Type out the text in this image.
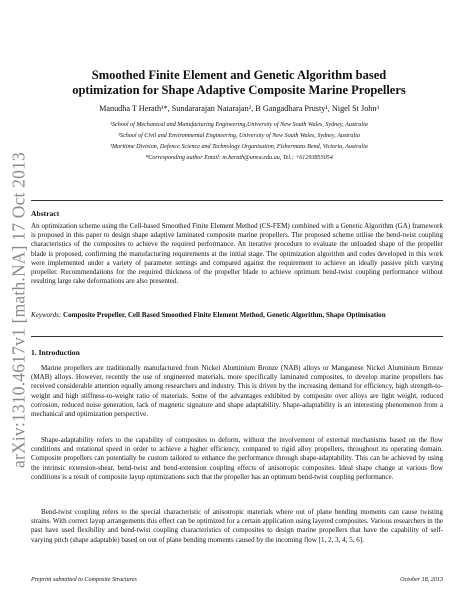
arXiv:1310.4617v1 [math.NA] 17 Oct 2013
Smoothed Finite Element and Genetic Algorithm based
optimization for Shape Adaptive Composite Marine Propellers
Manudha T Herath¹*, Sundararajan Natarajan², B Gangadhara Prusty¹, Nigel St John³
¹School of Mechanical and Manufacturing Engineering,University of New South Wales, Sydney, Australia
²School of Civil and Environmental Engineering, University of New South Wales, Sydney, Australia
³Maritime Division, Defence Science and Technology Organisation, Fishermans Bend, Victoria, Australia
*Corresponding author Email: m.herath@unsw.edu.au, Tel.: +61293855054
Abstract
An optimization scheme using the Cell-based Smoothed Finite Element Method (CS-FEM) combined with a Genetic Algorithm (GA) framework is proposed in this paper to design shape adaptive laminated composite marine propellers. The proposed scheme utilise the bend-twist coupling characteristics of the composites to achieve the required performance. An iterative procedure to evaluate the unloaded shape of the propeller blade is proposed, confirming the manufacturing requirements at the initial stage. The optimization algorithm and codes developed in this work were implemented under a variety of parameter settings and compared against the requirement to achieve an ideally passive pitch varying propeller. Recommendations for the required thickness of the propeller blade to achieve optimum bend-twist coupling performance without resulting large rake deformations are also presented.
Keywords: Composite Propeller, Cell Based Smoothed Finite Element Method, Genetic Algorithm, Shape Optimisation
1. Introduction
Marine propellers are traditionally manufactured from Nickel Aluminium Bronze (NAB) alloys or Manganese Nickel Aluminium Bronze (MAB) alloys. However, recently the use of engineered materials, more specifically laminated composites, to develop marine propellers has received considerable attention equally among researchers and industry. This is driven by the increasing demand for efficiency, high strength-to-weight and high stiffness-to-weight ratio of materials. Some of the advantages exhibited by composite over alloys are light weight, reduced corrosion, reduced noise generation, lack of magnetic signature and shape adaptability. Shape-adaptability is an interesting phenomenon from a mechanical and optimization perspective.
Shape-adaptability refers to the capability of composites to deform, without the involvement of external mechanisms based on the flow conditions and rotational speed in order to achieve a higher efficiency, compared to rigid alloy propellers, throughout its operating domain. Composite propellers can potentially be custom tailored to enhance the performance through shape-adaptability. This can be achieved by using the intrinsic extension-shear, bend-twist and bend-extension coupling effects of anisotropic composites. Ideal shape change at various flow conditions is a result of composite layup optimizations such that the propeller has an optimum bend-twist coupling performance.
Bend-twist coupling refers to the special characteristic of anisotropic materials where out of plane bending moments can cause twisting strains. With correct layup arrangements this effect can be optimized for a certain application using layered composites. Various researchers in the past have used flexibility and bend-twist coupling characteristics of composites to design marine propellers that have the capability of self-varying pitch (shape adaptable) based on out of plane bending moments caused by the incoming flow [1, 2, 3, 4, 5, 6].
Preprint submitted to Composite Structures	October 18, 2013
